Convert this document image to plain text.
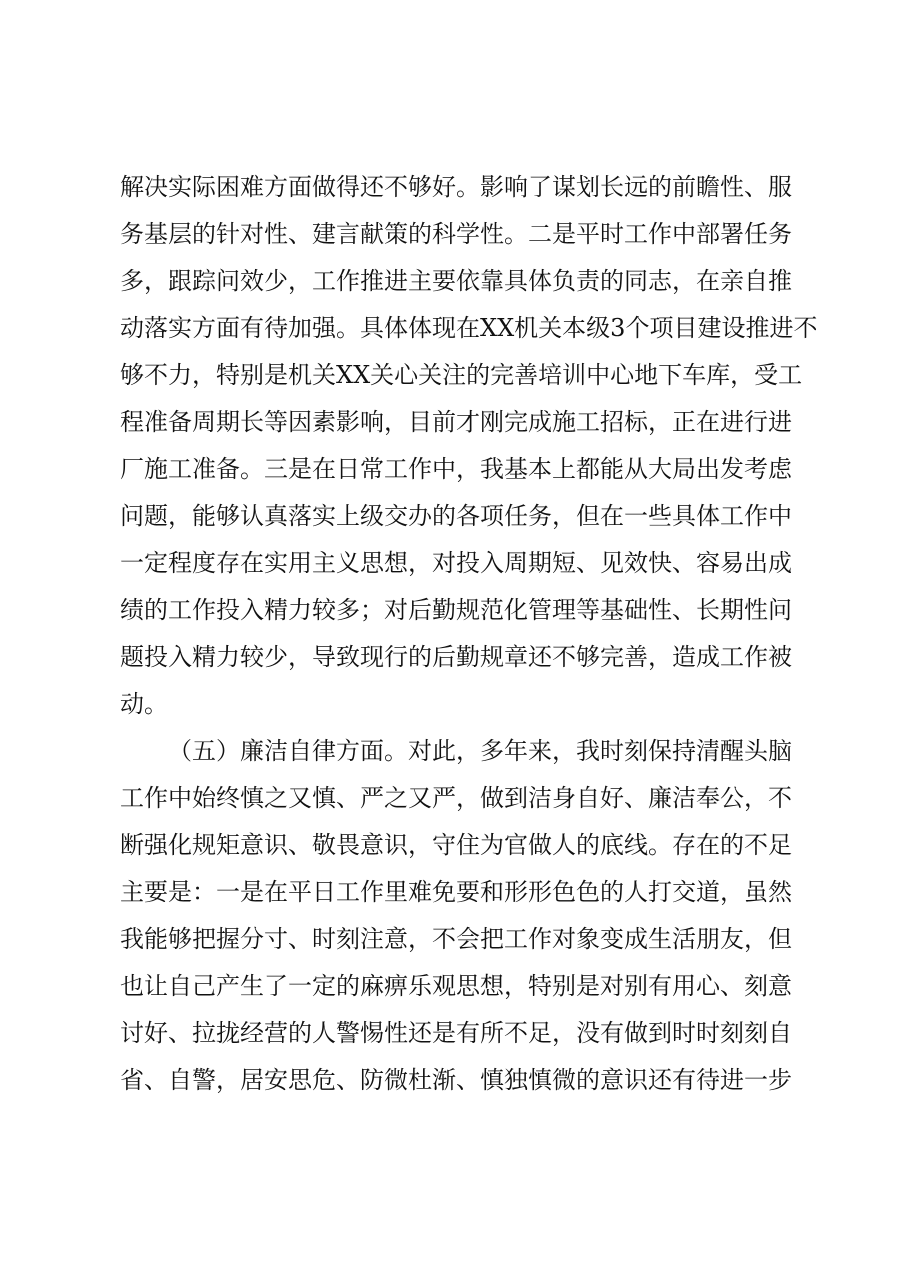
解决实际困难方面做得还不够好。影响了谋划长远的前瞻性、服
务基层的针对性、建言献策的科学性。二是平时工作中部署任务
多，跟踪问效少，工作推进主要依靠具体负责的同志，在亲自推
动落实方面有待加强。具体体现在XX机关本级3个项目建设推进不
够不力，特别是机关XX关心关注的完善培训中心地下车库，受工
程准备周期长等因素影响，目前才刚完成施工招标，正在进行进
厂施工准备。三是在日常工作中，我基本上都能从大局出发考虑
问题，能够认真落实上级交办的各项任务，但在一些具体工作中
一定程度存在实用主义思想，对投入周期短、见效快、容易出成
绩的工作投入精力较多；对后勤规范化管理等基础性、长期性问
题投入精力较少，导致现行的后勤规章还不够完善，造成工作被
动。
（五）廉洁自律方面。对此，多年来，我时刻保持清醒头脑
工作中始终慎之又慎、严之又严，做到洁身自好、廉洁奉公，不
断强化规矩意识、敬畏意识，守住为官做人的底线。存在的不足
主要是：一是在平日工作里难免要和形形色色的人打交道，虽然
我能够把握分寸、时刻注意，不会把工作对象变成生活朋友，但
也让自己产生了一定的麻痹乐观思想，特别是对别有用心、刻意
讨好、拉拢经营的人警惕性还是有所不足，没有做到时时刻刻自
省、自警，居安思危、防微杜渐、慎独慎微的意识还有待进一步
